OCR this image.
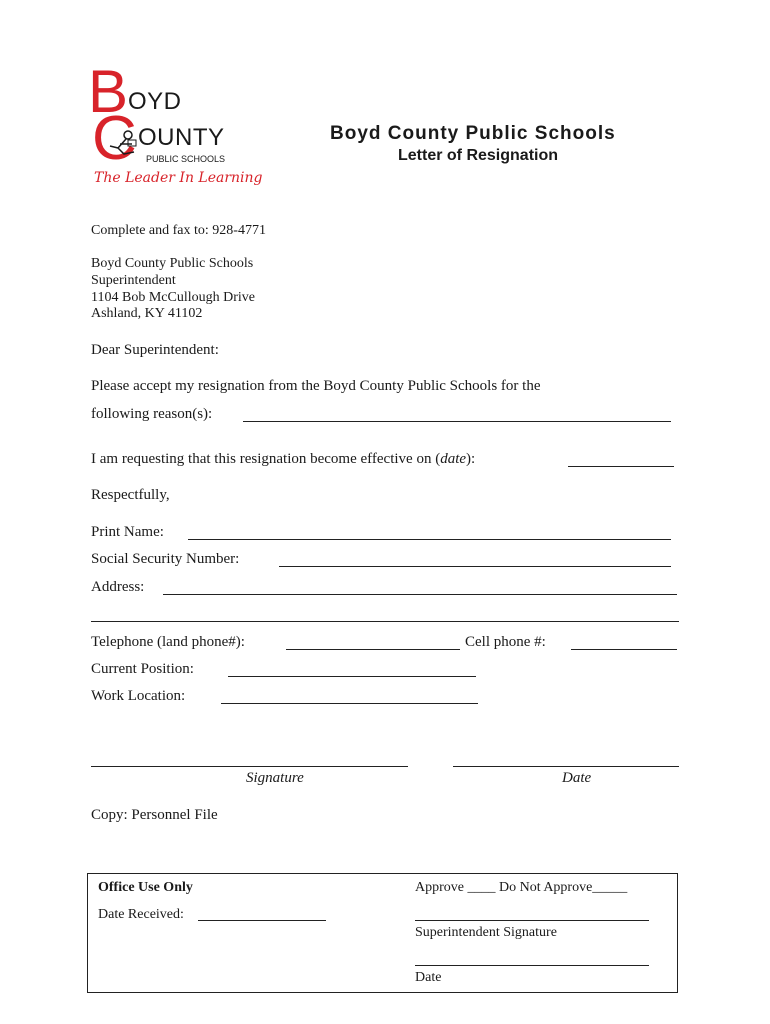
B OYD
C OUNTY
PUBLIC SCHOOLS
The Leader In Learning
Boyd County Public Schools
Letter of Resignation
Complete and fax to: 928-4771
Boyd County Public Schools
Superintendent
1104 Bob McCullough Drive
Ashland, KY 41102
Dear Superintendent:
Please accept my resignation from the Boyd County Public Schools for the
following reason(s):
I am requesting that this resignation become effective on (date):
Respectfully,
Print Name:
Social Security Number:
Address:
Telephone (land phone#):	Cell phone #:
Current Position:
Work Location:
Signature	Date
Copy: Personnel File
Office Use Only
Date Received:
Approve ____ Do Not Approve_____
Superintendent Signature
Date
